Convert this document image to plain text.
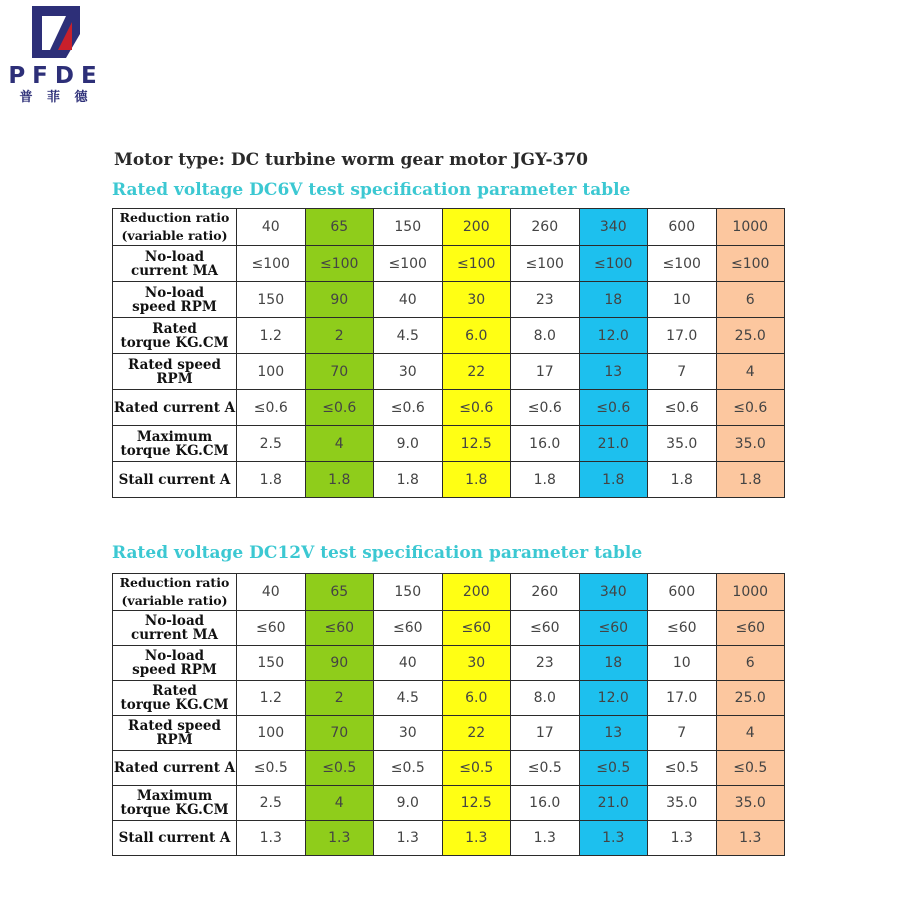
PFDE
普 菲 德
Motor type: DC turbine worm gear motor JGY-370
Rated voltage DC6V test specification parameter table
Reduction ratio
(variable ratio)	40	65	150	200	260	340	600	1000

No-load
current MA	≤100	≤100	≤100	≤100	≤100	≤100	≤100	≤100

No-load
speed RPM	150	90	40	30	23	18	10	6

Rated
torque KG.CM	1.2	2	4.5	6.0	8.0	12.0	17.0	25.0

Rated speed RPM	100	70	30	22	17	13	7	4

Rated current A	≤0.6	≤0.6	≤0.6	≤0.6	≤0.6	≤0.6	≤0.6	≤0.6

Maximum
torque KG.CM	2.5	4	9.0	12.5	16.0	21.0	35.0	35.0

Stall current A	1.8	1.8	1.8	1.8	1.8	1.8	1.8	1.8
Rated voltage DC12V test specification parameter table
Reduction ratio
(variable ratio)	40	65	150	200	260	340	600	1000

No-load
current MA	≤60	≤60	≤60	≤60	≤60	≤60	≤60	≤60

No-load
speed RPM	150	90	40	30	23	18	10	6

Rated
torque KG.CM	1.2	2	4.5	6.0	8.0	12.0	17.0	25.0

Rated speed RPM	100	70	30	22	17	13	7	4

Rated current A	≤0.5	≤0.5	≤0.5	≤0.5	≤0.5	≤0.5	≤0.5	≤0.5

Maximum
torque KG.CM	2.5	4	9.0	12.5	16.0	21.0	35.0	35.0

Stall current A	1.3	1.3	1.3	1.3	1.3	1.3	1.3	1.3
